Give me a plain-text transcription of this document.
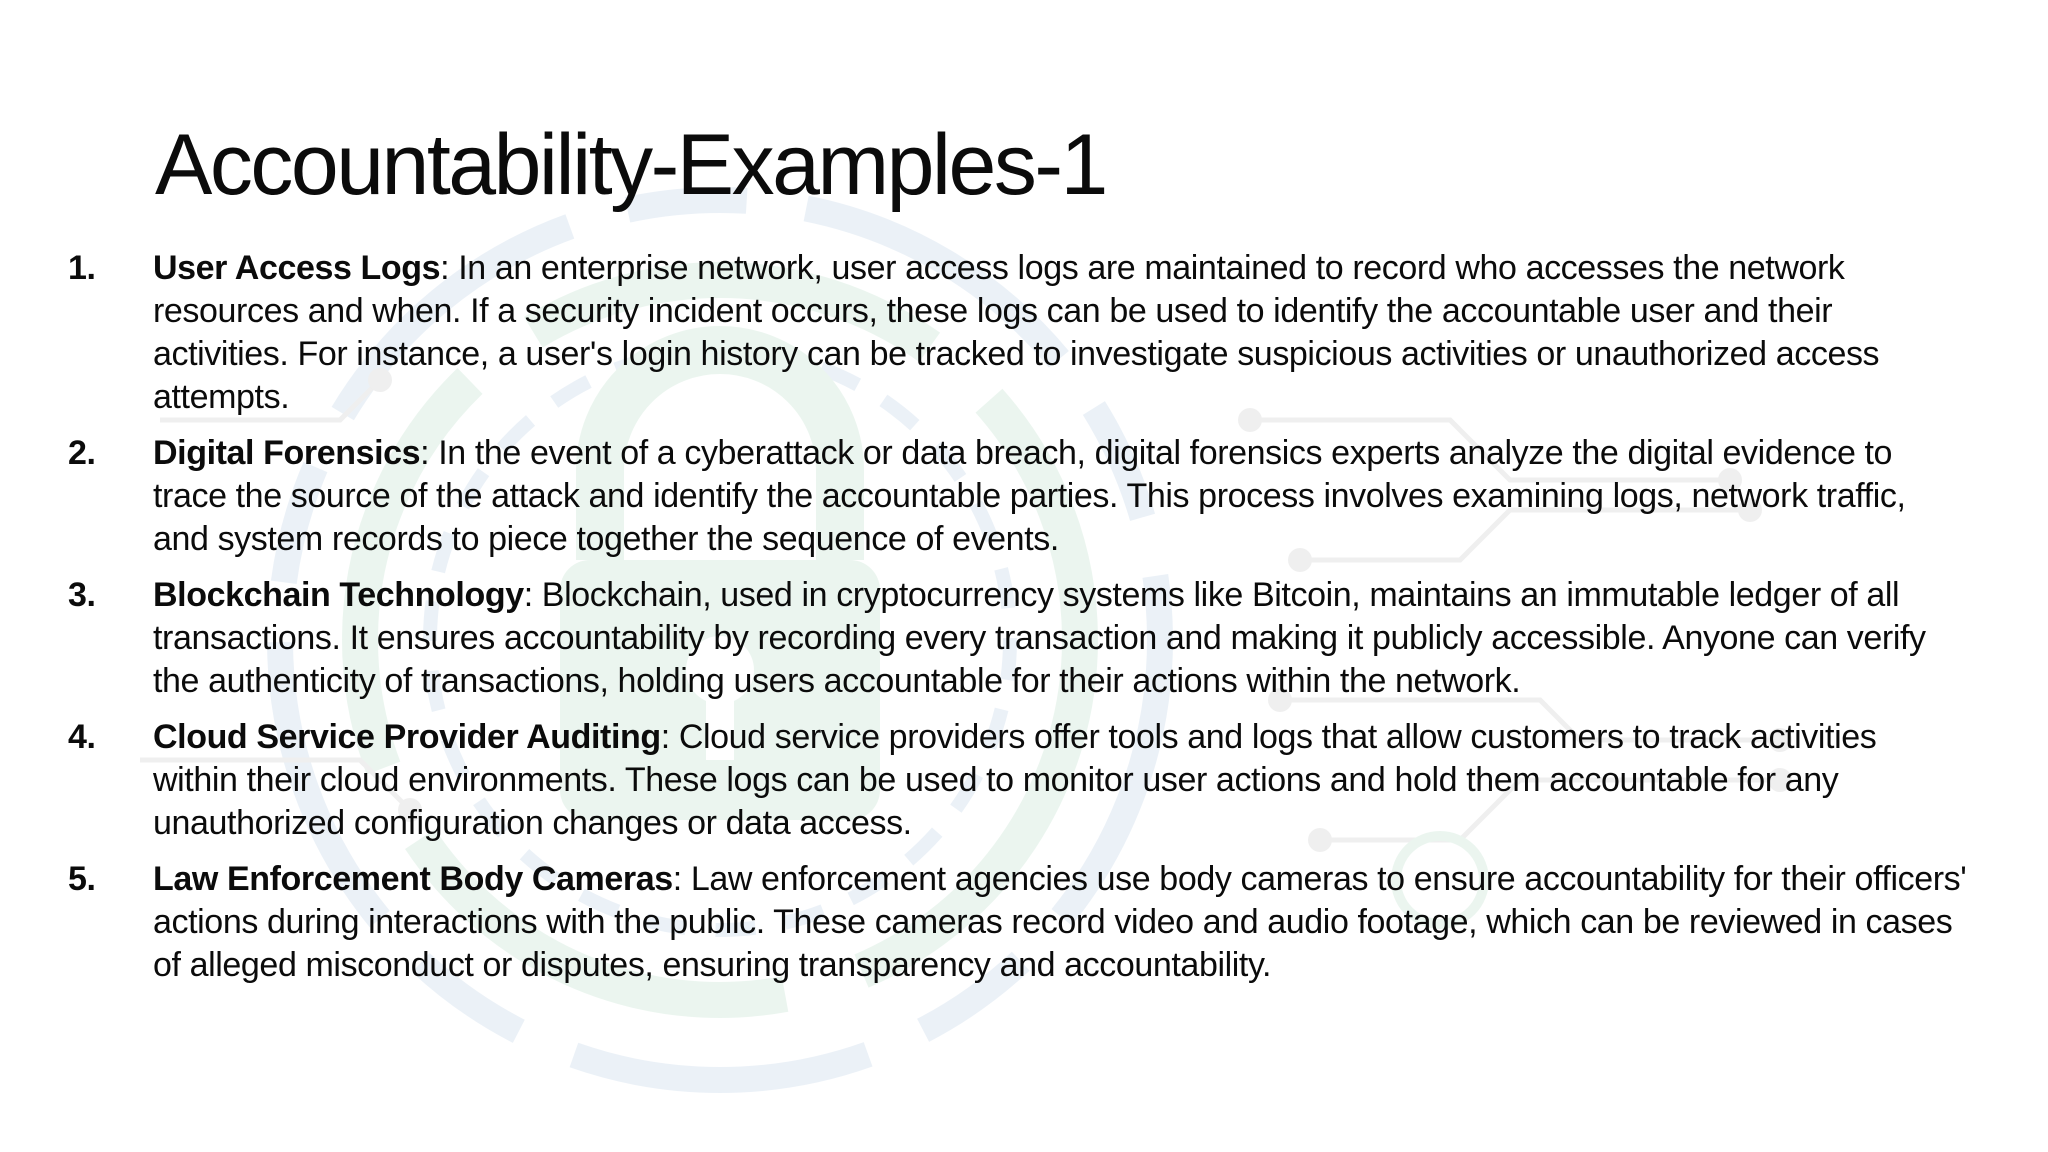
Accountability-Examples-1
1. User Access Logs: In an enterprise network, user access logs are maintained to record who accesses the network resources and when. If a security incident occurs, these logs can be used to identify the accountable user and their activities. For instance, a user's login history can be tracked to investigate suspicious activities or unauthorized access attempts.
2. Digital Forensics: In the event of a cyberattack or data breach, digital forensics experts analyze the digital evidence to trace the source of the attack and identify the accountable parties. This process involves examining logs, network traffic, and system records to piece together the sequence of events.
3. Blockchain Technology: Blockchain, used in cryptocurrency systems like Bitcoin, maintains an immutable ledger of all transactions. It ensures accountability by recording every transaction and making it publicly accessible. Anyone can verify the authenticity of transactions, holding users accountable for their actions within the network.
4. Cloud Service Provider Auditing: Cloud service providers offer tools and logs that allow customers to track activities within their cloud environments. These logs can be used to monitor user actions and hold them accountable for any unauthorized configuration changes or data access.
5. Law Enforcement Body Cameras: Law enforcement agencies use body cameras to ensure accountability for their officers' actions during interactions with the public. These cameras record video and audio footage, which can be reviewed in cases of alleged misconduct or disputes, ensuring transparency and accountability.
